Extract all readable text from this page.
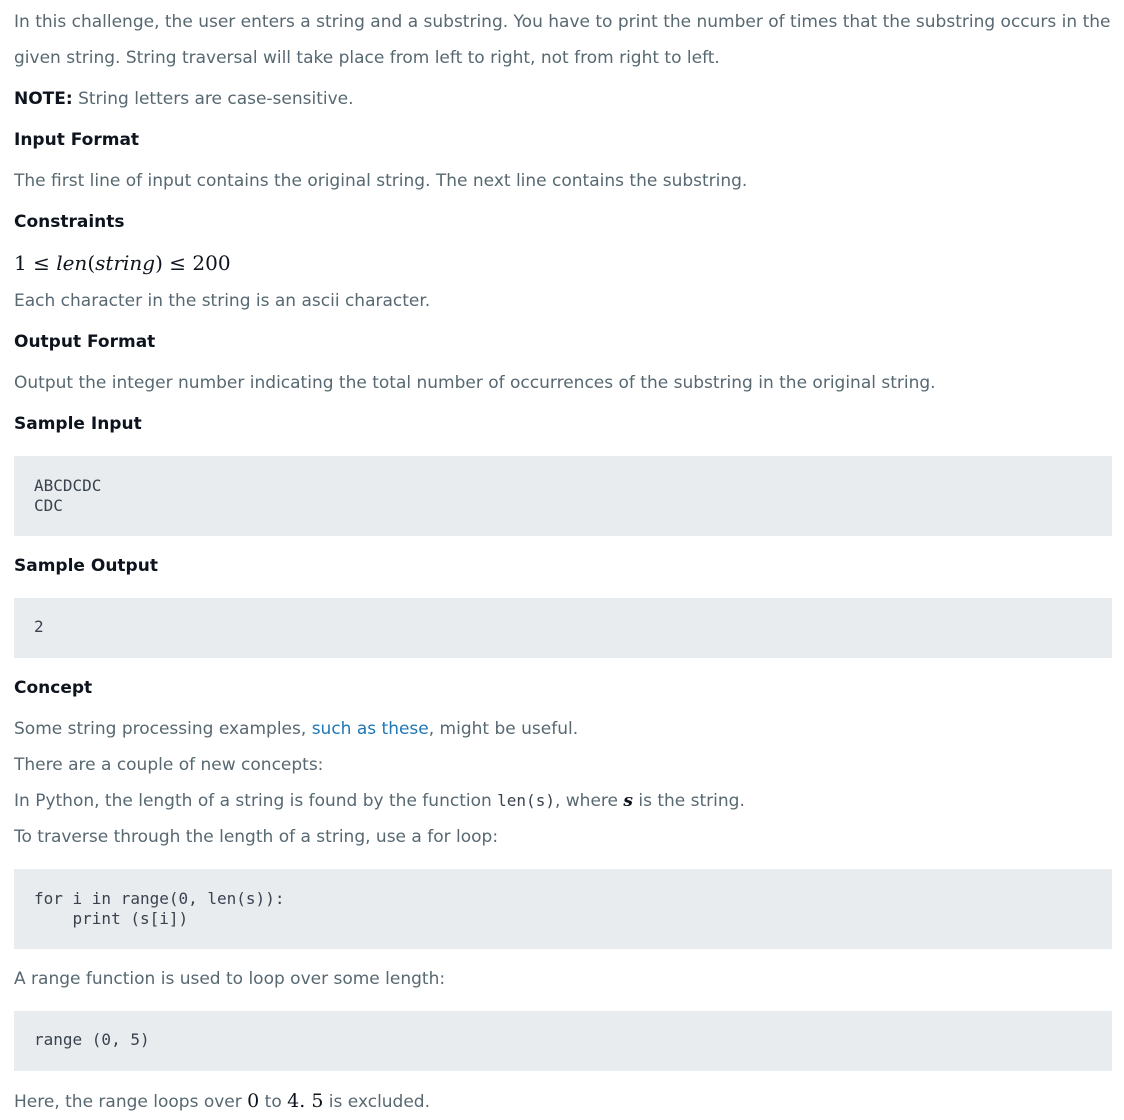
In this challenge, the user enters a string and a substring. You have to print the number of times that the substring occurs in the given string. String traversal will take place from left to right, not from right to left.

NOTE: String letters are case-sensitive.

Input Format

The first line of input contains the original string. The next line contains the substring.

Constraints

1 ≤ len(string) ≤ 200

Each character in the string is an ascii character.

Output Format

Output the integer number indicating the total number of occurrences of the substring in the original string.

Sample Input
ABCDCDC
CDC
Sample Output
2
Concept

Some string processing examples, such as these, might be useful.

There are a couple of new concepts:

In Python, the length of a string is found by the function len(s), where s is the string.

To traverse through the length of a string, use a for loop:

for i in range(0, len(s)):
print (s[i])

A range function is used to loop over some length:

range (0, 5)

Here, the range loops over 0 to 4. 5 is excluded.
